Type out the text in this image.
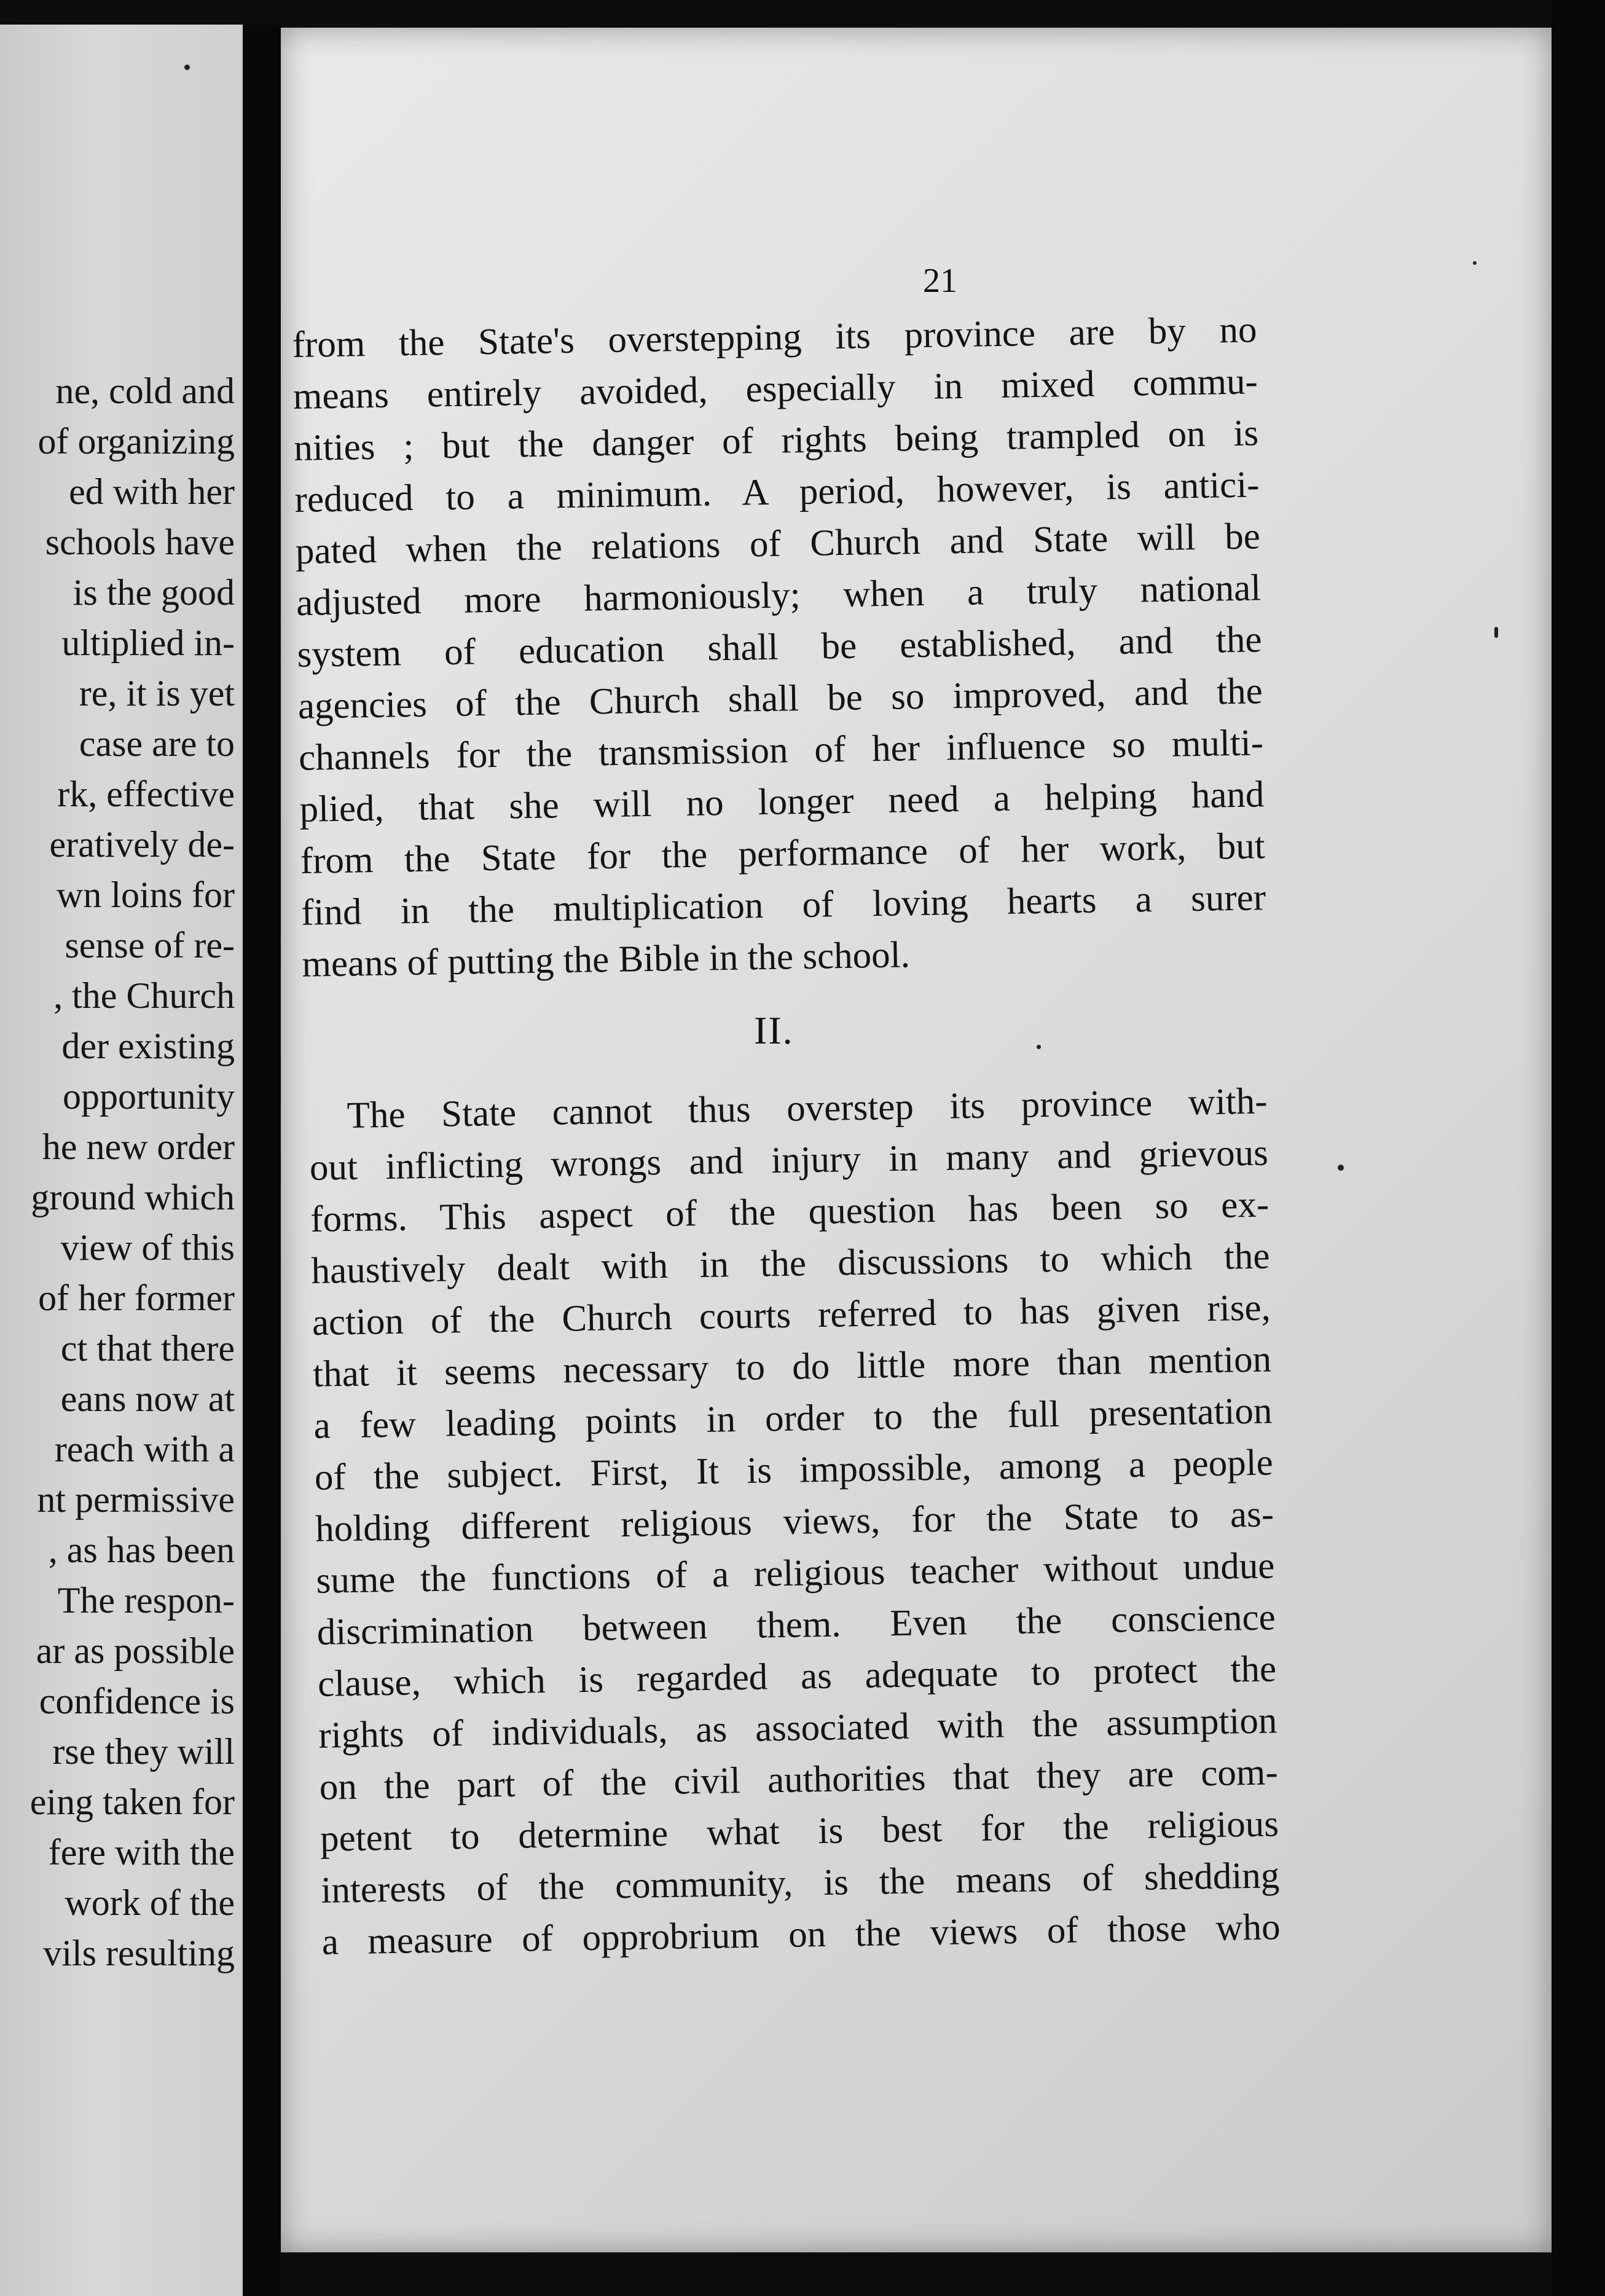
ne, cold and
of organizing
ed with her
schools have
is the good
ultiplied in-
re, it is yet
case are to
rk, effective
eratively de-
wn loins for
sense of re-
, the Church
der existing
opportunity
he new order
ground which
view of this
of her former
ct that there
eans now at
reach with a
nt permissive
, as has been
The respon-
ar as possible
confidence is
rse they will
eing taken for
fere with the
work of the
vils resulting
21
from the State's overstepping its province are by no
means entirely avoided, especially in mixed commu-
nities ; but the danger of rights being trampled on is
reduced to a minimum. A period, however, is antici-
pated when the relations of Church and State will be
adjusted more harmoniously; when a truly national
system of education shall be established, and the
agencies of the Church shall be so improved, and the
channels for the transmission of her influence so multi-
plied, that she will no longer need a helping hand
from the State for the performance of her work, but
find in the multiplication of loving hearts a surer
means of putting the Bible in the school.
II.
The State cannot thus overstep its province with-
out inflicting wrongs and injury in many and grievous
forms. This aspect of the question has been so ex-
haustively dealt with in the discussions to which the
action of the Church courts referred to has given rise,
that it seems necessary to do little more than mention
a few leading points in order to the full presentation
of the subject. First, It is impossible, among a people
holding different religious views, for the State to as-
sume the functions of a religious teacher without undue
discrimination between them. Even the conscience
clause, which is regarded as adequate to protect the
rights of individuals, as associated with the assumption
on the part of the civil authorities that they are com-
petent to determine what is best for the religious
interests of the community, is the means of shedding
a measure of opprobrium on the views of those who
